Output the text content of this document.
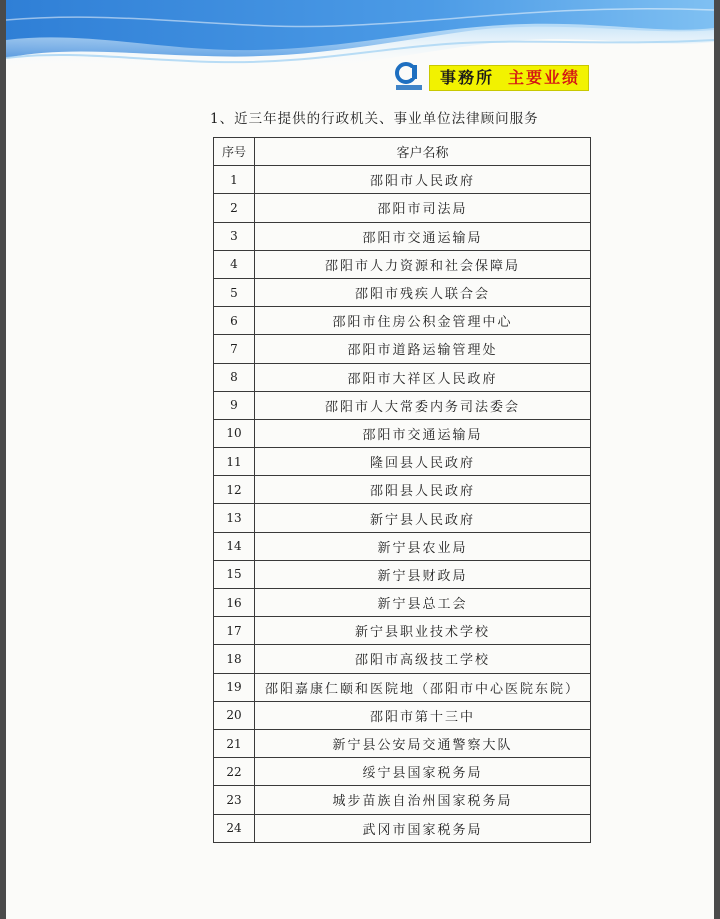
事務所 主要业绩
1、近三年提供的行政机关、事业单位法律顾问服务
序号	客户名称
1	邵阳市人民政府
2	邵阳市司法局
3	邵阳市交通运输局
4	邵阳市人力资源和社会保障局
5	邵阳市残疾人联合会
6	邵阳市住房公积金管理中心
7	邵阳市道路运输管理处
8	邵阳市大祥区人民政府
9	邵阳市人大常委内务司法委会
10	邵阳市交通运输局
11	隆回县人民政府
12	邵阳县人民政府
13	新宁县人民政府
14	新宁县农业局
15	新宁县财政局
16	新宁县总工会
17	新宁县职业技术学校
18	邵阳市高级技工学校
19	邵阳嘉康仁颐和医院地（邵阳市中心医院东院）
20	邵阳市第十三中
21	新宁县公安局交通警察大队
22	绥宁县国家税务局
23	城步苗族自治州国家税务局
24	武冈市国家税务局
